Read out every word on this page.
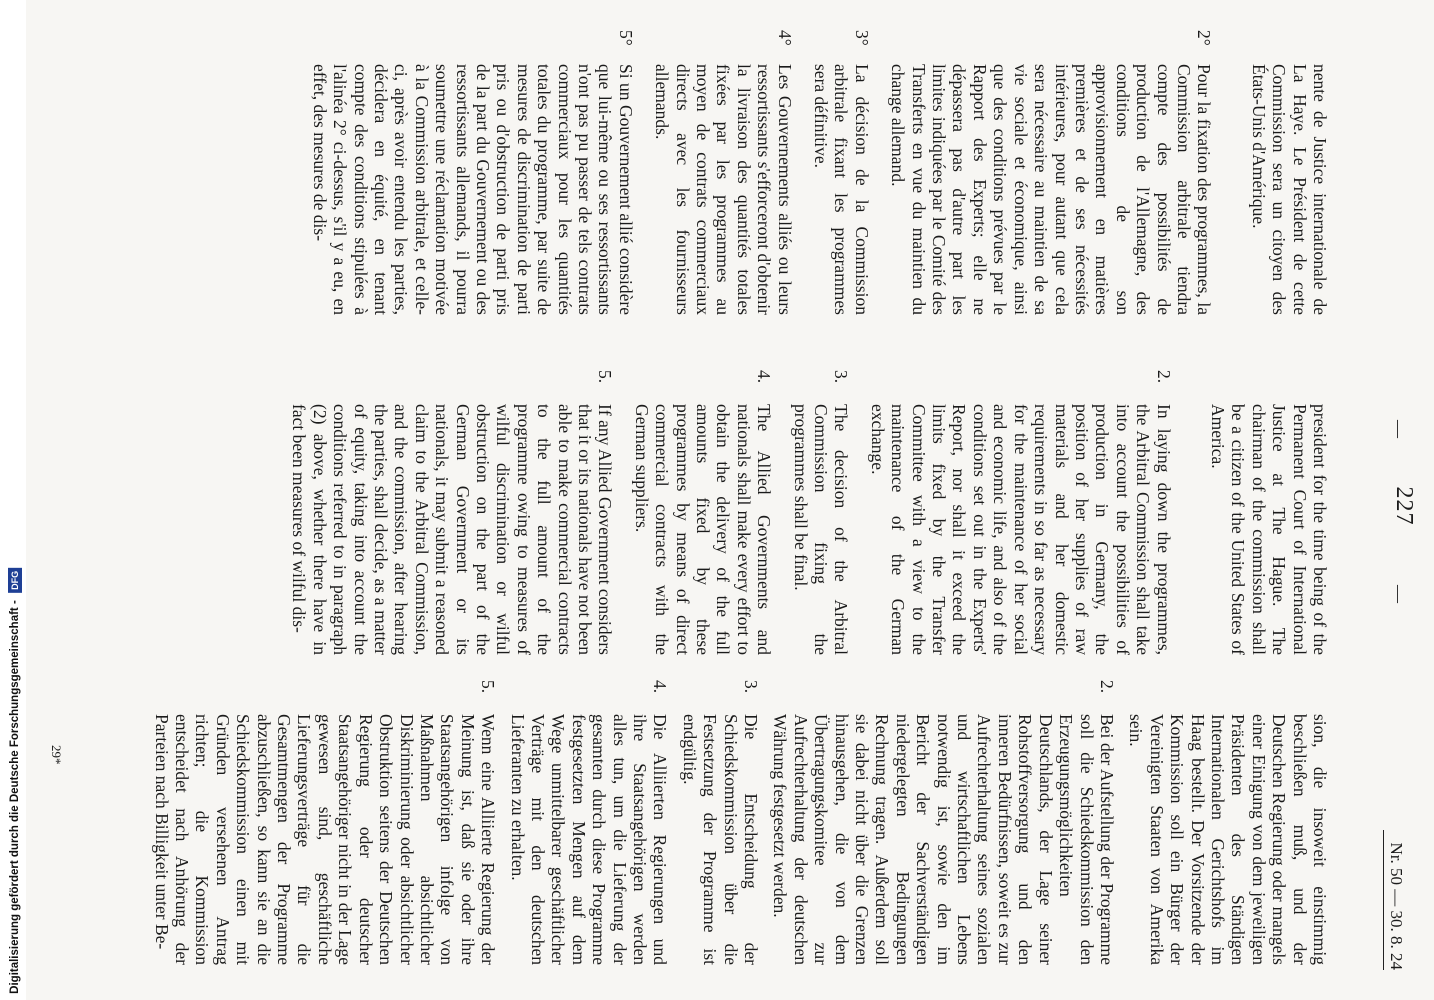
—
227
—
Nr. 50 — 30. 8. 24

nente de Justice internationale de La Haye. Le Président de cette Commission sera un citoyen des États-Unis d'Amérique.

2°
Pour la fixation des programmes, la Commission arbitrale tiendra compte des possibilités de production de l'Allemagne, des conditions de son approvisionnement en matières premières et de ses nécessités intérieures, pour autant que cela sera nécessaire au maintien de sa vie sociale et économique, ainsi que des conditions prévues par le Rapport des Experts; elle ne dépassera pas d'autre part les limites indiquées par le Comité des Transferts en vue du maintien du change allemand.
3°
La décision de la Commission arbitrale fixant les programmes sera définitive.
4°
Les Gouvernements alliés ou leurs ressortissants s'efforceront d'obtenir la livraison des quantités totales fixées par les programmes au moyen de contrats commerciaux directs avec les fournisseurs allemands.
5°
Si un Gouvernement allié considère que lui-même ou ses ressortissants n'ont pas pu passer de tels contrats commerciaux pour les quantités totales du programme, par suite de mesures de discrimination de parti pris ou d'obstruction de parti pris de la part du Gouvernement ou des ressortissants allemands, il pourra soumettre une réclamation motivée à la Commission arbitrale, et celle-ci, après avoir entendu les parties, décidera en équité, en tenant compte des conditions stipulées à l'alinéa 2° ci-dessus, s'il y a eu, en effet, des mesures de dis-

president for the time being of the Permanent Court of International Justice at The Hague. The chairman of the commission shall be a citizen of the United States of America.

2.
In laying down the programmes, the Arbitral Commission shall take into account the possibilities of production in Germany, the position of her supplies of raw materials and her domestic requirements in so far as necessary for the maintenance of her social and economic life, and also of the conditions set out in the Experts' Report, nor shall it exceed the limits fixed by the Transfer Committee with a view to the maintenance of the German exchange.
3.
The decision of the Arbitral Commission fixing the programmes shall be final.
4.
The Allied Governments and nationals shall make every effort to obtain the delivery of the full amounts fixed by these programmes by means of direct commercial contracts with the German suppliers.
5.
If any Allied Government considers that it or its nationals have not been able to make commercial contracts to the full amount of the programme owing to measures of wilful discrimination or wilful obstruction on the part of the German Government or its nationals, it may submit a reasoned claim to the Arbitral Commission, and the commission, after hearing the parties, shall decide, as a matter of equity, taking into account the conditions referred to in paragraph (2) above, whether there have in fact been measures of wilful dis-

sion, die insoweit einstimmig beschließen muß, und der Deutschen Regierung oder mangels einer Einigung von dem jeweiligen Präsidenten des Ständigen Internationalen Gerichtshofs im Haag bestellt. Der Vorsitzende der Kommission soll ein Bürger der Vereinigten Staaten von Amerika sein.

2.
Bei der Aufstellung der Programme soll die Schiedskommission den Erzeugungsmöglichkeiten Deutschlands, der Lage seiner Rohstoffversorgung und den inneren Bedürfnissen, soweit es zur Aufrechterhaltung seines sozialen und wirtschaftlichen Lebens notwendig ist, sowie den im Bericht der Sachverständigen niedergelegten Bedingungen Rechnung tragen. Außerdem soll sie dabei nicht über die Grenzen hinausgehen, die von dem Übertragungskomitee zur Aufrechterhaltung der deutschen Währung festgesetzt werden.
3.
Die Entscheidung der Schiedskommission über die Festsetzung der Programme ist endgültig.
4.
Die Alliierten Regierungen und ihre Staatsangehörigen werden alles tun, um die Lieferung der gesamten durch diese Programme festgesetzten Mengen auf dem Wege unmittelbarer geschäftlicher Verträge mit den deutschen Lieferanten zu erhalten.
5.
Wenn eine Alliierte Regierung der Meinung ist, daß sie oder ihre Staatsangehörigen infolge von Maßnahmen absichtlicher Diskriminierung oder absichtlicher Obstruktion seitens der Deutschen Regierung oder deutscher Staatsangehöriger nicht in der Lage gewesen sind, geschäftliche Lieferungsverträge für die Gesamtmengen der Programme abzuschließen, so kann sie an die Schiedskommission einen mit Gründen versehenen Antrag richten; die Kommission entscheidet nach Anhörung der Parteien nach Billigkeit unter Be-
29*
Digitalisierung gefördert durch die Deutsche Forschungsgemeinschaft - DFG
